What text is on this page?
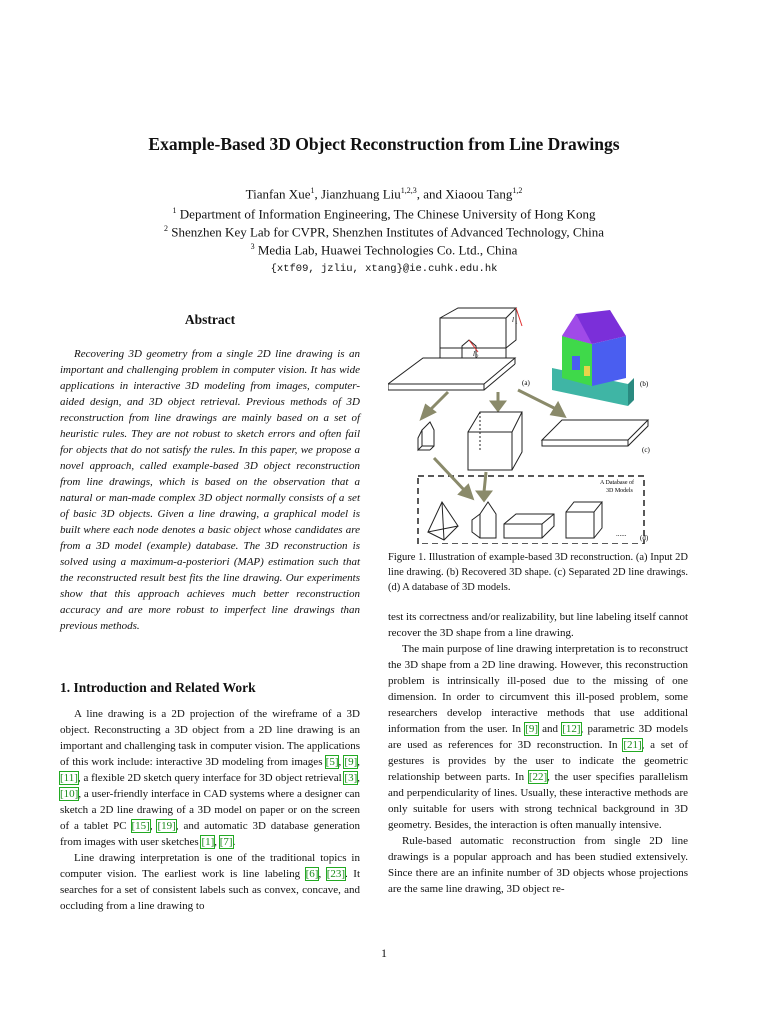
Example-Based 3D Object Reconstruction from Line Drawings
Tianfan Xue$^1$, Jianzhuang Liu$^{1,2,3}$, and Xiaoou Tang$^{1,2}$
$^1$ Department of Information Engineering, The Chinese University of Hong Kong
$^2$ Shenzhen Key Lab for CVPR, Shenzhen Institutes of Advanced Technology, China
$^3$ Media Lab, Huawei Technologies Co. Ltd., China
{xtf09, jzliu, xtang}@ie.cuhk.edu.hk
Abstract
Recovering 3D geometry from a single 2D line drawing is an important and challenging problem in computer vision. It has wide applications in interactive 3D modeling from images, computer-aided design, and 3D object retrieval. Previous methods of 3D reconstruction from line drawings are mainly based on a set of heuristic rules. They are not robust to sketch errors and often fail for objects that do not satisfy the rules. In this paper, we propose a novel approach, called example-based 3D object reconstruction from line drawings, which is based on the observation that a natural or man-made complex 3D object normally consists of a set of basic 3D objects. Given a line drawing, a graphical model is built where each node denotes a basic object whose candidates are from a 3D model (example) database. The 3D reconstruction is solved using a maximum-a-posteriori (MAP) estimation such that the reconstructed result best fits the line drawing. Our experiments show that this approach achieves much better reconstruction accuracy and are more robust to imperfect line drawings than previous methods.
1. Introduction and Related Work

A line drawing is a 2D projection of the wireframe of a 3D object. Reconstructing a 3D object from a 2D line drawing is an important and challenging task in computer vision. The applications of this work include: interactive 3D modeling from images [5], [9], [11], a flexible 2D sketch query interface for 3D object retrieval [3], [10], a user-friendly interface in CAD systems where a designer can sketch a 2D line drawing of a 3D model on paper or on the screen of a tablet PC [15], [19], and automatic 3D database generation from images with user sketches [1], [7].

Line drawing interpretation is one of the traditional topics in computer vision. The earliest work is line labeling [6], [23]. It searches for a set of consistent labels such as convex, concave, and occluding from a line drawing to

l 1
l 2
(a)	(b)
(c)
A Database of
3D Models
...... (d)
Figure 1. Illustration of example-based 3D reconstruction. (a) Input 2D line drawing. (b) Recovered 3D shape. (c) Separated 2D line drawings. (d) A database of 3D models.

test its correctness and/or realizability, but line labeling itself cannot recover the 3D shape from a line drawing.

The main purpose of line drawing interpretation is to reconstruct the 3D shape from a 2D line drawing. However, this reconstruction problem is intrinsically ill-posed due to the missing of one dimension. In order to circumvent this ill-posed problem, some researchers develop interactive methods that use additional information from the user. In [9] and [12], parametric 3D models are used as references for 3D reconstruction. In [21], a set of gestures is provides by the user to indicate the geometric relationship between parts. In [22], the user specifies parallelism and perpendicularity of lines. Usually, these interactive methods are only suitable for users with strong technical background in 3D geometry. Besides, the interaction is often manually intensive.

Rule-based automatic reconstruction from single 2D line drawings is a popular approach and has been studied extensively. Since there are an infinite number of 3D objects whose projections are the same line drawing, 3D object re-

1
